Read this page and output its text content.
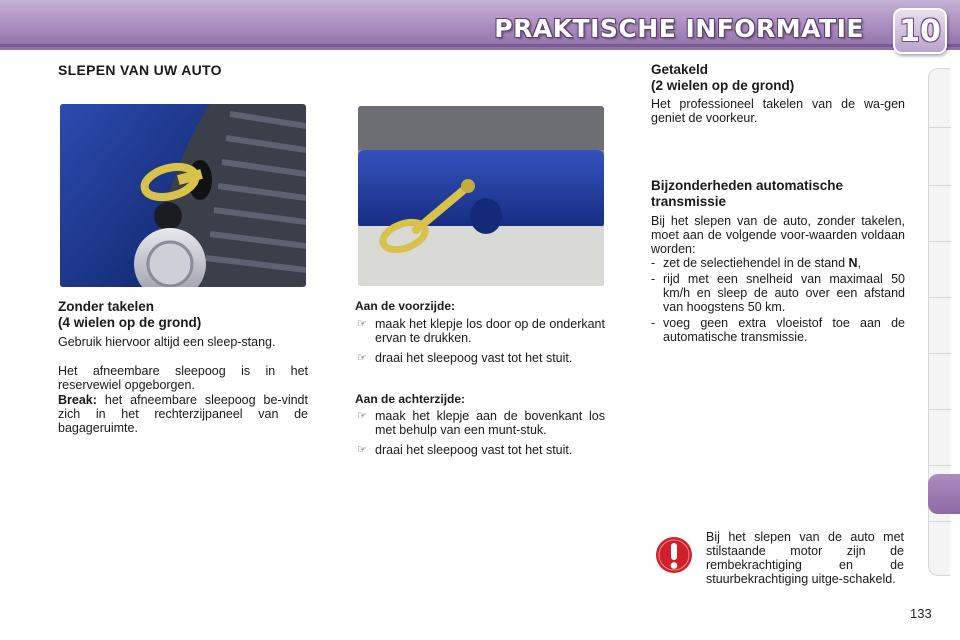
PRAKTISCHE INFORMATIE 10
SLEPEN VAN UW AUTO
Zonder takelen
(4 wielen op de grond)
Gebruik hiervoor altijd een sleep-stang.
Het afneembare sleepoog is in het reservewiel opgeborgen.
Break: het afneembare sleepoog be-vindt zich in het rechterzijpaneel van de bagageruimte.
Aan de voorzijde:
☞ maak het klepje los door op de onderkant ervan te drukken.
☞ draai het sleepoog vast tot het stuit.
Aan de achterzijde:
☞ maak het klepje aan de bovenkant los met behulp van een munt-stuk.
☞ draai het sleepoog vast tot het stuit.
Getakeld
(2 wielen op de grond)
Het professioneel takelen van de wa-gen geniet de voorkeur.
Bijzonderheden automatische transmissie
Bij het slepen van de auto, zonder takelen, moet aan de volgende voor-waarden voldaan worden:
- zet de selectiehendel in de stand N,
- rijd met een snelheid van maximaal 50 km/h en sleep de auto over een afstand van hoogstens 50 km.
- voeg geen extra vloeistof toe aan de automatische transmissie.
Bij het slepen van de auto met stilstaande motor zijn de rembekrachtiging en de stuurbekrachtiging uitge-schakeld.
133
